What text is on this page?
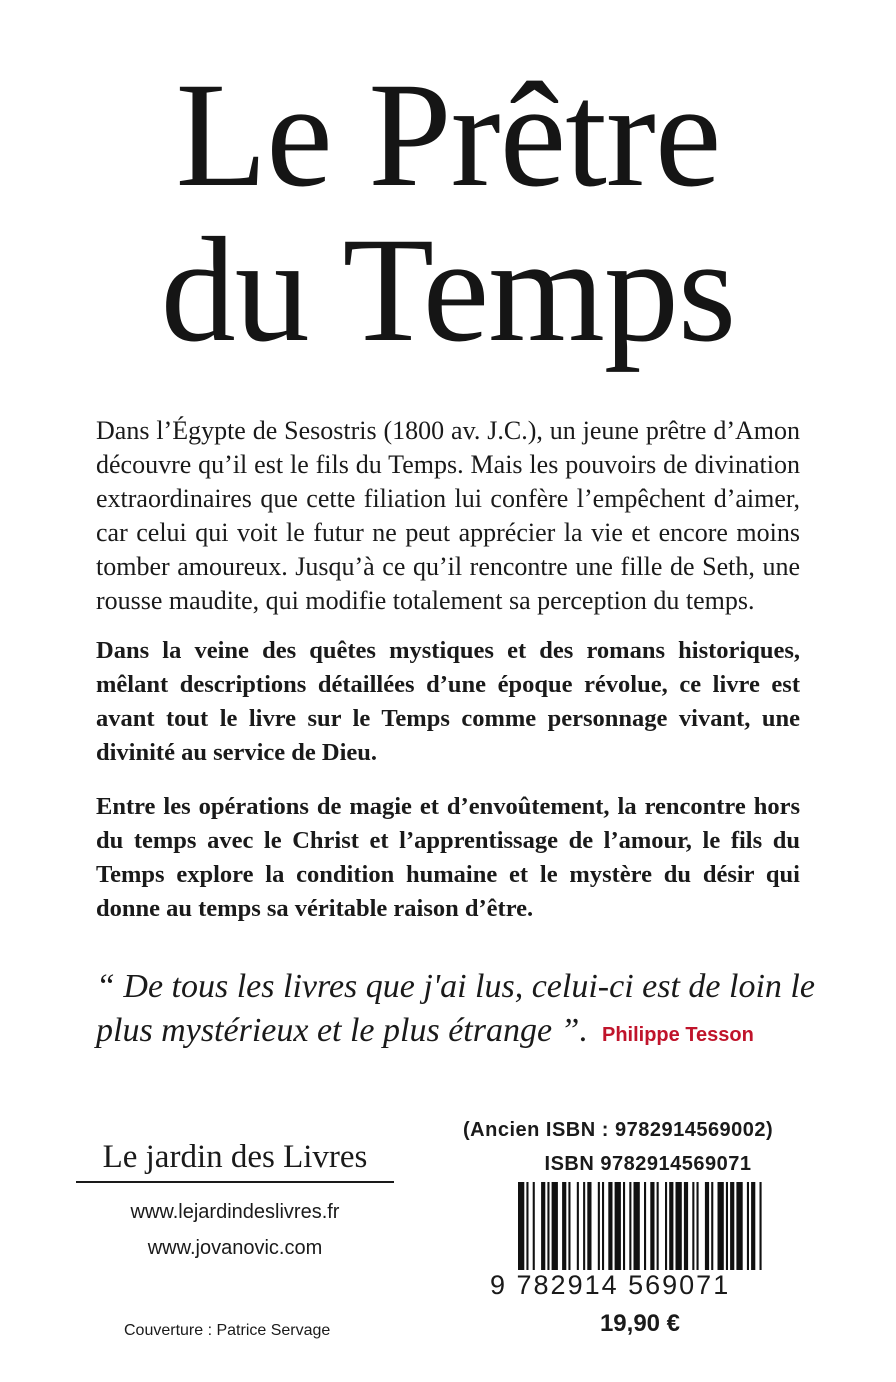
Le Prêtre
du Temps

Dans l’Égypte de Sesostris (1800 av. J.C.), un jeune prêtre d’Amon découvre qu’il est le fils du Temps. Mais les pouvoirs de divination extraordinaires que cette filiation lui confère l’empêchent d’aimer, car celui qui voit le futur ne peut apprécier la vie et encore moins tomber amoureux. Jusqu’à ce qu’il rencontre une fille de Seth, une rousse maudite, qui modifie totalement sa perception du temps.

Dans la veine des quêtes mystiques et des romans historiques, mêlant descriptions détaillées d’une époque révolue, ce livre est avant tout le livre sur le Temps comme personnage vivant, une divinité au service de Dieu.

Entre les opérations de magie et d’envoûtement, la rencontre hors du temps avec le Christ et l’apprentissage de l’amour, le fils du Temps explore la condition humaine et le mystère du désir qui donne au temps sa véritable raison d’être.

“ De tous les livres que j'ai lus, celui-ci est de loin le plus mystérieux et le plus étrange ”. Philippe Tesson

Le jardin des Livres
www.lejardindeslivres.fr
www.jovanovic.com
Couverture : Patrice Servage
(Ancien ISBN : 9782914569002)
ISBN 9782914569071
9 782914 569071
19,90 €
